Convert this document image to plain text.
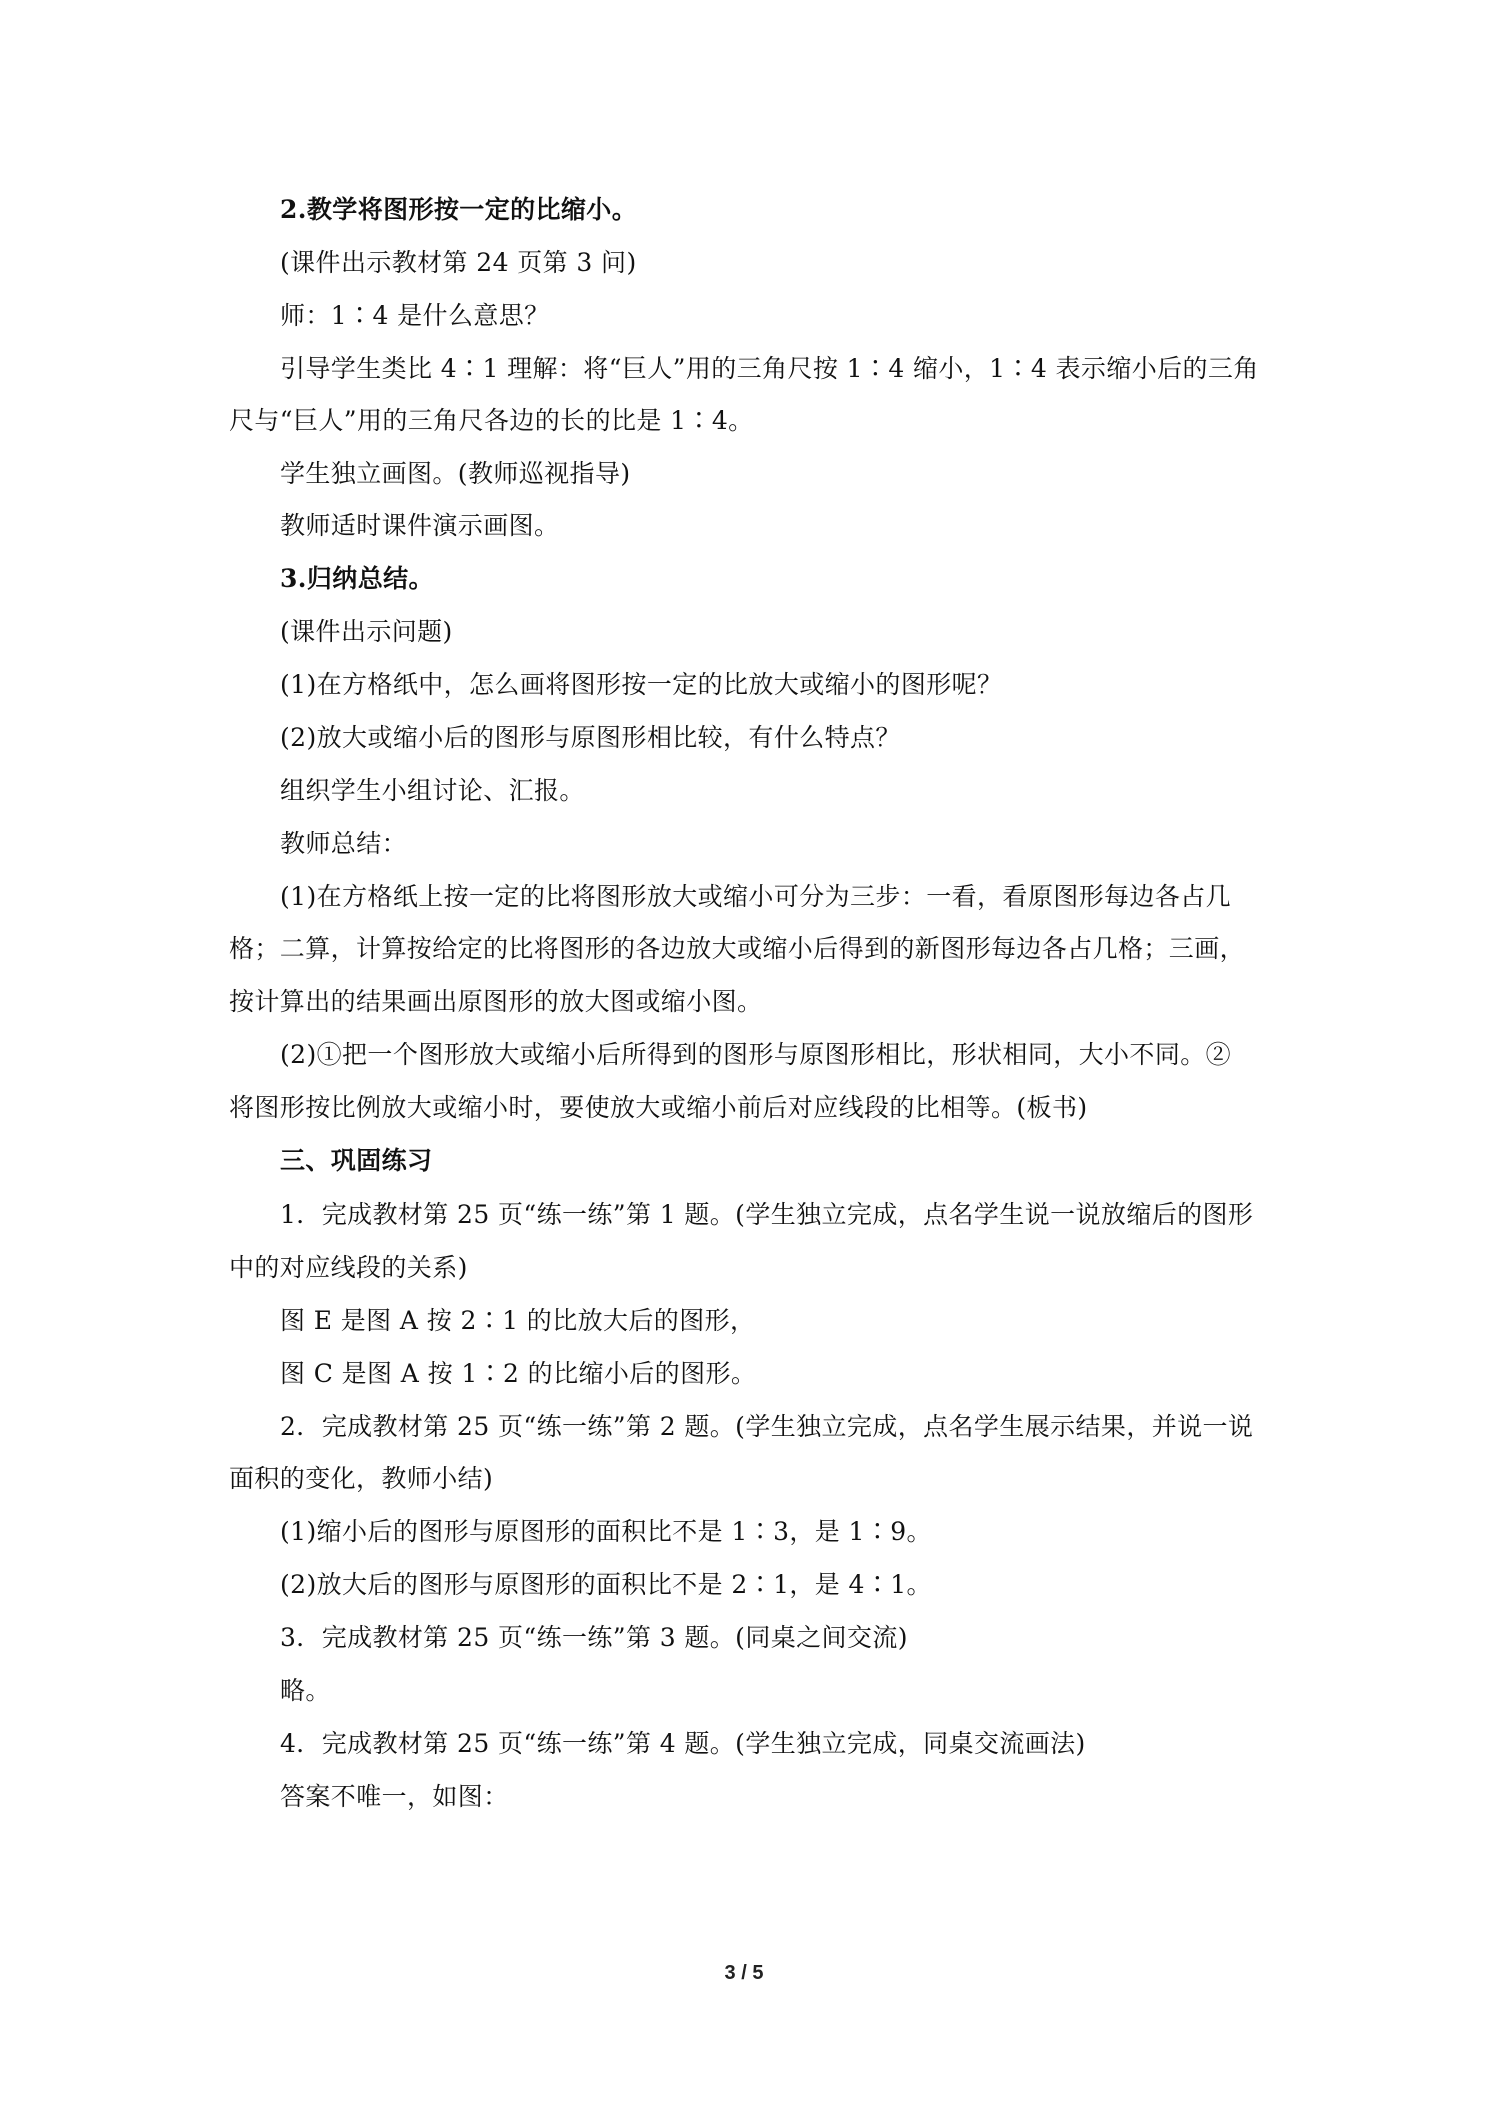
2.教学将图形按一定的比缩小。
(课件出示教材第 24 页第 3 问)
师：1∶4 是什么意思？
引导学生类比 4∶1 理解：将“巨人”用的三角尺按 1∶4 缩小，1∶4 表示缩小后的三角
尺与“巨人”用的三角尺各边的长的比是 1∶4。
学生独立画图。(教师巡视指导)
教师适时课件演示画图。
3.归纳总结。
(课件出示问题)
(1)在方格纸中，怎么画将图形按一定的比放大或缩小的图形呢？
(2)放大或缩小后的图形与原图形相比较，有什么特点？
组织学生小组讨论、汇报。
教师总结：
(1)在方格纸上按一定的比将图形放大或缩小可分为三步：一看，看原图形每边各占几
格；二算，计算按给定的比将图形的各边放大或缩小后得到的新图形每边各占几格；三画，
按计算出的结果画出原图形的放大图或缩小图。
(2)①把一个图形放大或缩小后所得到的图形与原图形相比，形状相同，大小不同。②
将图形按比例放大或缩小时，要使放大或缩小前后对应线段的比相等。(板书)
三、巩固练习
1．完成教材第 25 页“练一练”第 1 题。(学生独立完成，点名学生说一说放缩后的图形
中的对应线段的关系)
图 E 是图 A 按 2∶1 的比放大后的图形，
图 C 是图 A 按 1∶2 的比缩小后的图形。
2．完成教材第 25 页“练一练”第 2 题。(学生独立完成，点名学生展示结果，并说一说
面积的变化，教师小结)
(1)缩小后的图形与原图形的面积比不是 1∶3，是 1∶9。
(2)放大后的图形与原图形的面积比不是 2∶1，是 4∶1。
3．完成教材第 25 页“练一练”第 3 题。(同桌之间交流)
略。
4．完成教材第 25 页“练一练”第 4 题。(学生独立完成，同桌交流画法)
答案不唯一，如图：
3 / 5
